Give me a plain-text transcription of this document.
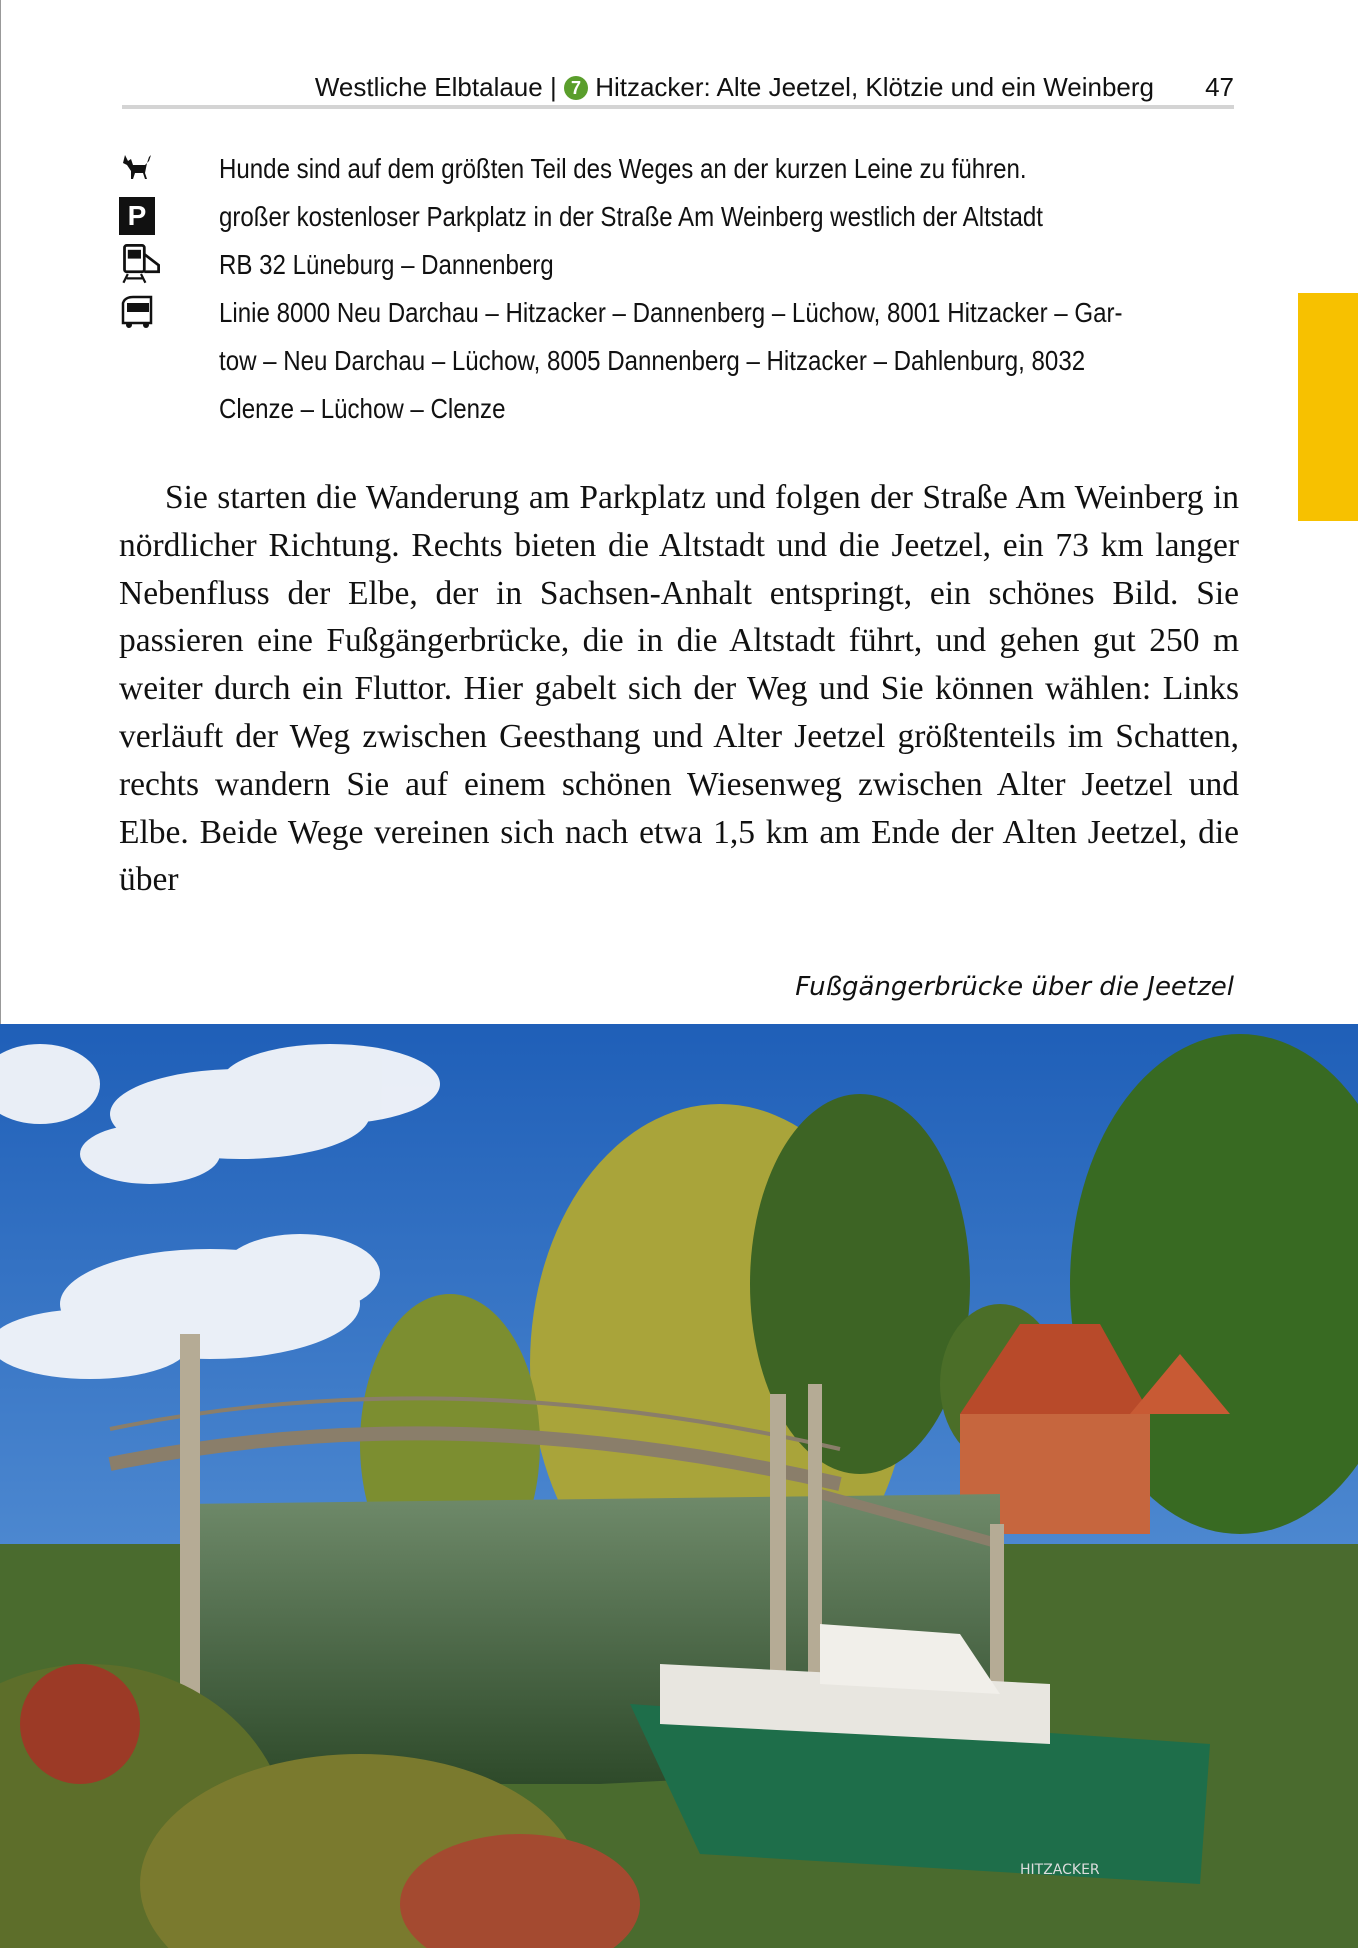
Westliche Elbtalaue | 7 Hitzacker: Alte Jeetzel, Klötzie und ein Weinberg 47
Hunde sind auf dem größten Teil des Weges an der kurzen Leine zu führen.
P	großer kostenloser Parkplatz in der Straße Am Weinberg westlich der Altstadt
RB 32 Lüneburg – Dannenberg
Linie 8000 Neu Darchau – Hitzacker – Dannenberg – Lüchow, 8001 Hitzacker – Gar-
tow – Neu Darchau – Lüchow, 8005 Dannenberg – Hitzacker – Dahlenburg, 8032
Clenze – Lüchow – Clenze

Sie starten die Wanderung am Parkplatz und folgen der Straße Am Weinberg in nördlicher Richtung. Rechts bieten die Altstadt und die Jeetzel, ein 73 km langer Nebenfluss der Elbe, der in Sachsen-Anhalt entspringt, ein schönes Bild. Sie passieren eine Fußgängerbrücke, die in die Altstadt führt, und gehen gut 250 m weiter durch ein Fluttor. Hier gabelt sich der Weg und Sie können wählen: Links verläuft der Weg zwischen Geesthang und Alter Jeetzel größtenteils im Schatten, rechts wandern Sie auf einem schönen Wiesenweg zwischen Alter Jeetzel und Elbe. Beide Wege vereinen sich nach etwa 1,5 km am Ende der Alten Jeetzel, die über

Fußgängerbrücke über die Jeetzel
HITZACKER
